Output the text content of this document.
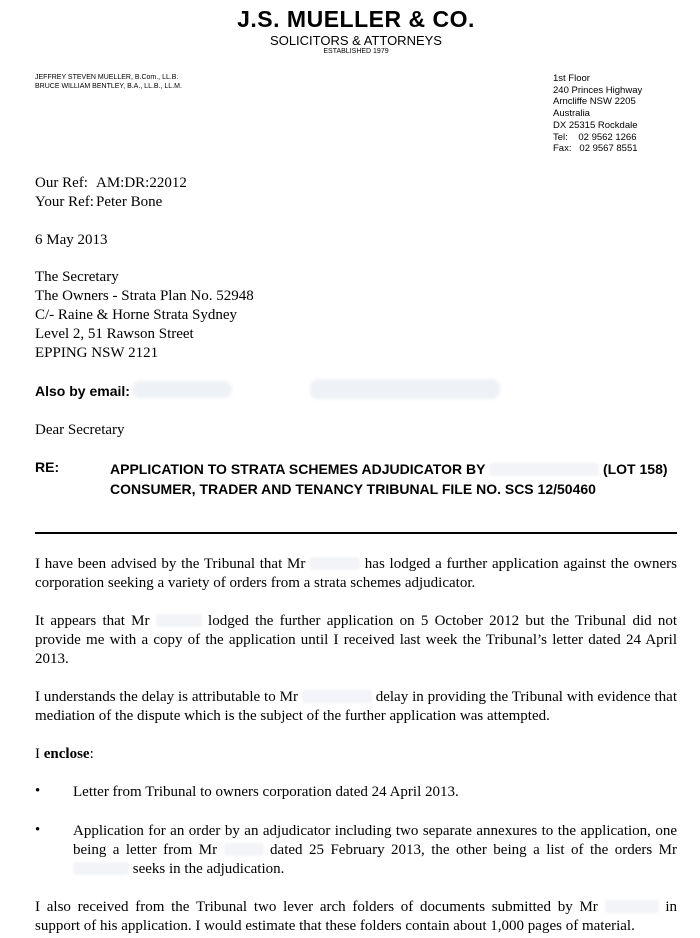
J.S. MUELLER & CO.
SOLICITORS & ATTORNEYS
ESTABLISHED 1979
JEFFREY STEVEN MUELLER, B.Com., LL.B.
BRUCE WILLIAM BENTLEY, B.A., LL.B., LL.M.
1st Floor
240 Princes Highway
Arncliffe NSW 2205
Australia
DX 25315 Rockdale
Tel: 02 9562 1266
Fax: 02 9567 8551
Our Ref: AM:DR:22012
Your Ref: Peter Bone
6 May 2013
The Secretary
The Owners - Strata Plan No. 52948
C/- Raine & Horne Strata Sydney
Level 2, 51 Rawson Street
EPPING NSW 2121
Also by email:
Dear Secretary
RE:	APPLICATION TO STRATA SCHEMES ADJUDICATOR BY	(LOT 158)
CONSUMER, TRADER AND TENANCY TRIBUNAL FILE NO. SCS 12/50460
I have been advised by the Tribunal that Mr	has lodged a further application against the owners corporation seeking a variety of orders from a strata schemes adjudicator.
It appears that Mr	lodged the further application on 5 October 2012 but the Tribunal did not provide me with a copy of the application until I received last week the Tribunal’s letter dated 24 April 2013.
I understands the delay is attributable to Mr	delay in providing the Tribunal with evidence that mediation of the dispute which is the subject of the further application was attempted.
I enclose:
• Letter from Tribunal to owners corporation dated 24 April 2013.
• Application for an order by an adjudicator including two separate annexures to the application, one being a letter from Mr	dated 25 February 2013, the other being a list of the orders Mr  seeks in the adjudication.
I also received from the Tribunal two lever arch folders of documents submitted by Mr	in support of his application. I would estimate that these folders contain about 1,000 pages of material.
